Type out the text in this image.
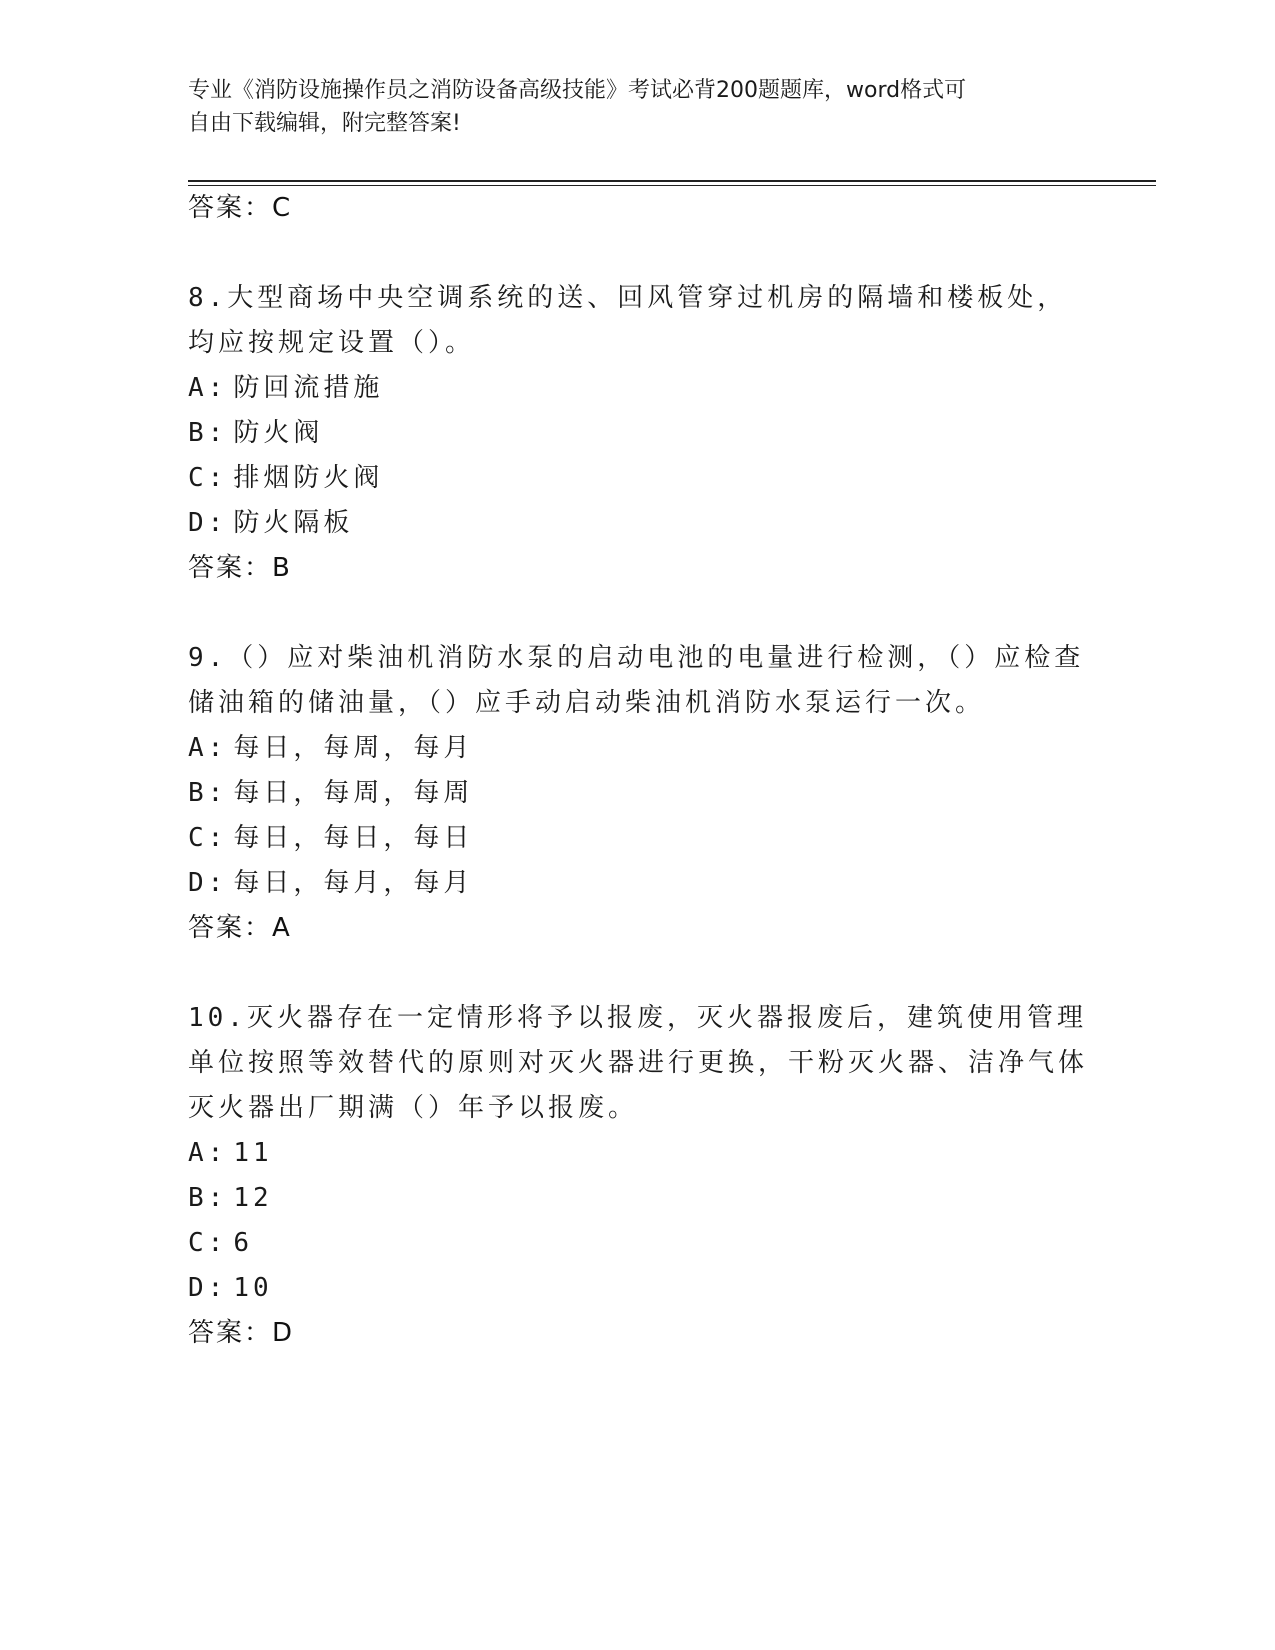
专业《消防设施操作员之消防设备高级技能》考试必背200题题库，word格式可
自由下载编辑，附完整答案!
答案：C
8.大型商场中央空调系统的送、回风管穿过机房的隔墙和楼板处，均应按规定设置（）。
A: 防回流措施
B: 防火阀
C: 排烟防火阀
D: 防火隔板
答案：B
9.（）应对柴油机消防水泵的启动电池的电量进行检测，（）应检查储油箱的储油量，（）应手动启动柴油机消防水泵运行一次。
A: 每日，每周，每月
B: 每日，每周，每周
C: 每日，每日，每日
D: 每日，每月，每月
答案：A
10.灭火器存在一定情形将予以报废，灭火器报废后，建筑使用管理单位按照等效替代的原则对灭火器进行更换，干粉灭火器、洁净气体灭火器出厂期满（）年予以报废。
A: 11
B: 12
C: 6
D: 10
答案：D
